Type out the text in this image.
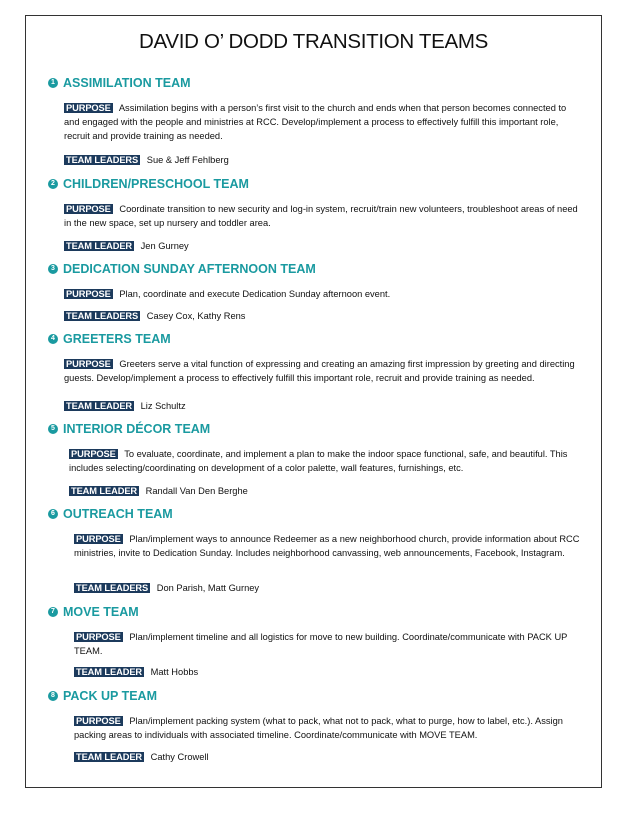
DAVID O’ DODD TRANSITION TEAMS
1 ASSIMILATION TEAM
PURPOSE Assimilation begins with a person’s first visit to the church and ends when that person becomes connected to and engaged with the people and ministries at RCC. Develop/implement a process to effectively fulfill this important role, recruit and provide training as needed.
TEAM LEADERS Sue & Jeff Fehlberg
2 CHILDREN/PRESCHOOL TEAM
PURPOSE Coordinate transition to new security and log-in system, recruit/train new volunteers, troubleshoot areas of need in the new space, set up nursery and toddler area.
TEAM LEADER Jen Gurney
3 DEDICATION SUNDAY AFTERNOON TEAM
PURPOSE Plan, coordinate and execute Dedication Sunday afternoon event.
TEAM LEADERS Casey Cox, Kathy Rens
4 GREETERS TEAM
PURPOSE Greeters serve a vital function of expressing and creating an amazing first impression by greeting and directing guests. Develop/implement a process to effectively fulfill this important role, recruit and provide training as needed.
TEAM LEADER Liz Schultz
5 INTERIOR DÉCOR TEAM
PURPOSE To evaluate, coordinate, and implement a plan to make the indoor space functional, safe, and beautiful. This includes selecting/coordinating on development of a color palette, wall features, furnishings, etc.
TEAM LEADER Randall Van Den Berghe
6 OUTREACH TEAM
PURPOSE Plan/implement ways to announce Redeemer as a new neighborhood church, provide information about RCC ministries, invite to Dedication Sunday. Includes neighborhood canvassing, web announcements, Facebook, Instagram.
TEAM LEADERS Don Parish, Matt Gurney
7 MOVE TEAM
PURPOSE Plan/implement timeline and all logistics for move to new building. Coordinate/communicate with PACK UP TEAM.
TEAM LEADER Matt Hobbs
8 PACK UP TEAM
PURPOSE Plan/implement packing system (what to pack, what not to pack, what to purge, how to label, etc.). Assign packing areas to individuals with associated timeline. Coordinate/communicate with MOVE TEAM.
TEAM LEADER Cathy Crowell
